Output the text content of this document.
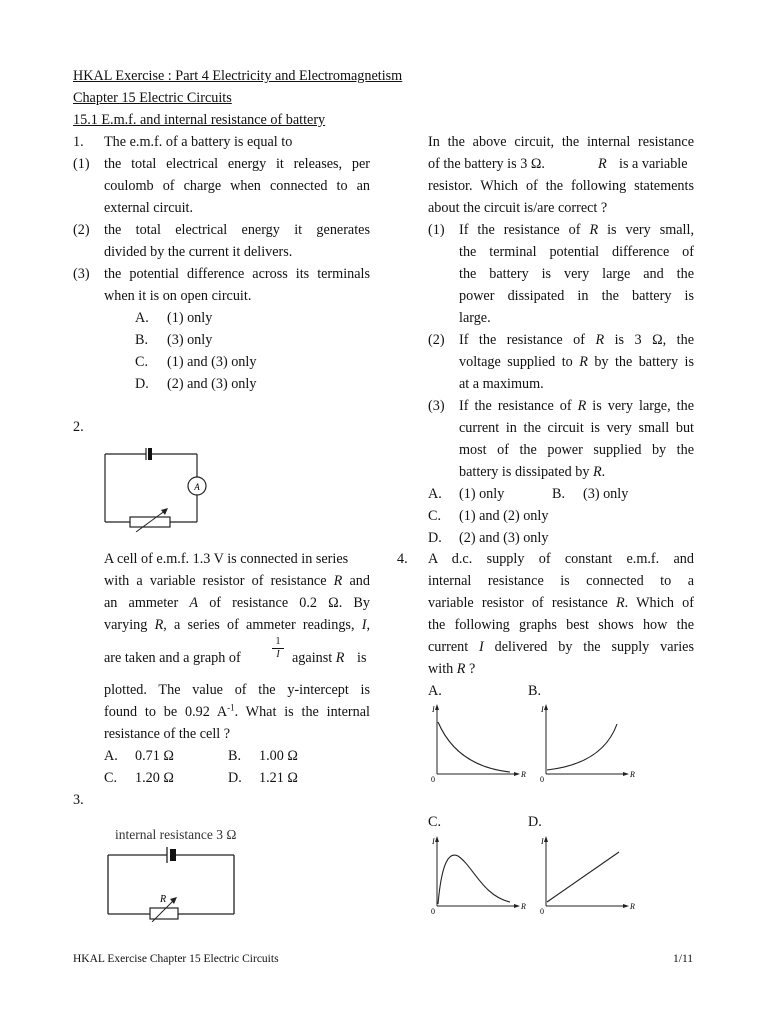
HKAL Exercise : Part 4 Electricity and Electromagnetism
Chapter 15 Electric Circuits
15.1 E.m.f. and internal resistance of battery
1. The e.m.f. of a battery is equal to
(1) the total electrical energy it releases, per
coulomb of charge when connected to an
external circuit.
(2) the total electrical energy it generates
divided by the current it delivers.
(3) the potential difference across its terminals
when it is on open circuit.
A. (1) only
B. (3) only
C. (1) and (3) only
D. (2) and (3) only
2.
A
A cell of e.m.f. 1.3 V is connected in series
with a variable resistor of resistance R and
an ammeter A of resistance 0.2 Ω. By
varying R, a series of ammeter readings, I,
are taken and a graph of
1
I against R is
plotted. The value of the y-intercept is
found to be 0.92 $A^{-1}$. What is the internal
resistance of the cell ?
A. 0.71 Ω	B. 1.00 Ω
C. 1.20 Ω	D. 1.21 Ω
3.
internal resistance 3 Ω
R
In the above circuit, the internal resistance
of the battery is 3 Ω.	R is a variable
resistor. Which of the following statements
about the circuit is/are correct ?
(1) If the resistance of R is very small,
the terminal potential difference of
the battery is very large and the
power dissipated in the battery is
large.
(2) If the resistance of R is 3 Ω, the
voltage supplied to R by the battery is
at a maximum.
(3) If the resistance of R is very large, the
current in the circuit is very small but
most of the power supplied by the
battery is dissipated by R.
A. (1) only	B. (3) only
C. (1) and (2) only
D. (2) and (3) only
4. A d.c. supply of constant e.m.f. and
internal resistance is connected to a
variable resistor of resistance R. Which of
the following graphs best shows how the
current I delivered by the supply varies
with R ?
A.	B.
C.	D.
I
R
0
I
R
0
I
R
0
I
R
0
HKAL Exercise Chapter 15 Electric Circuits	1/11
